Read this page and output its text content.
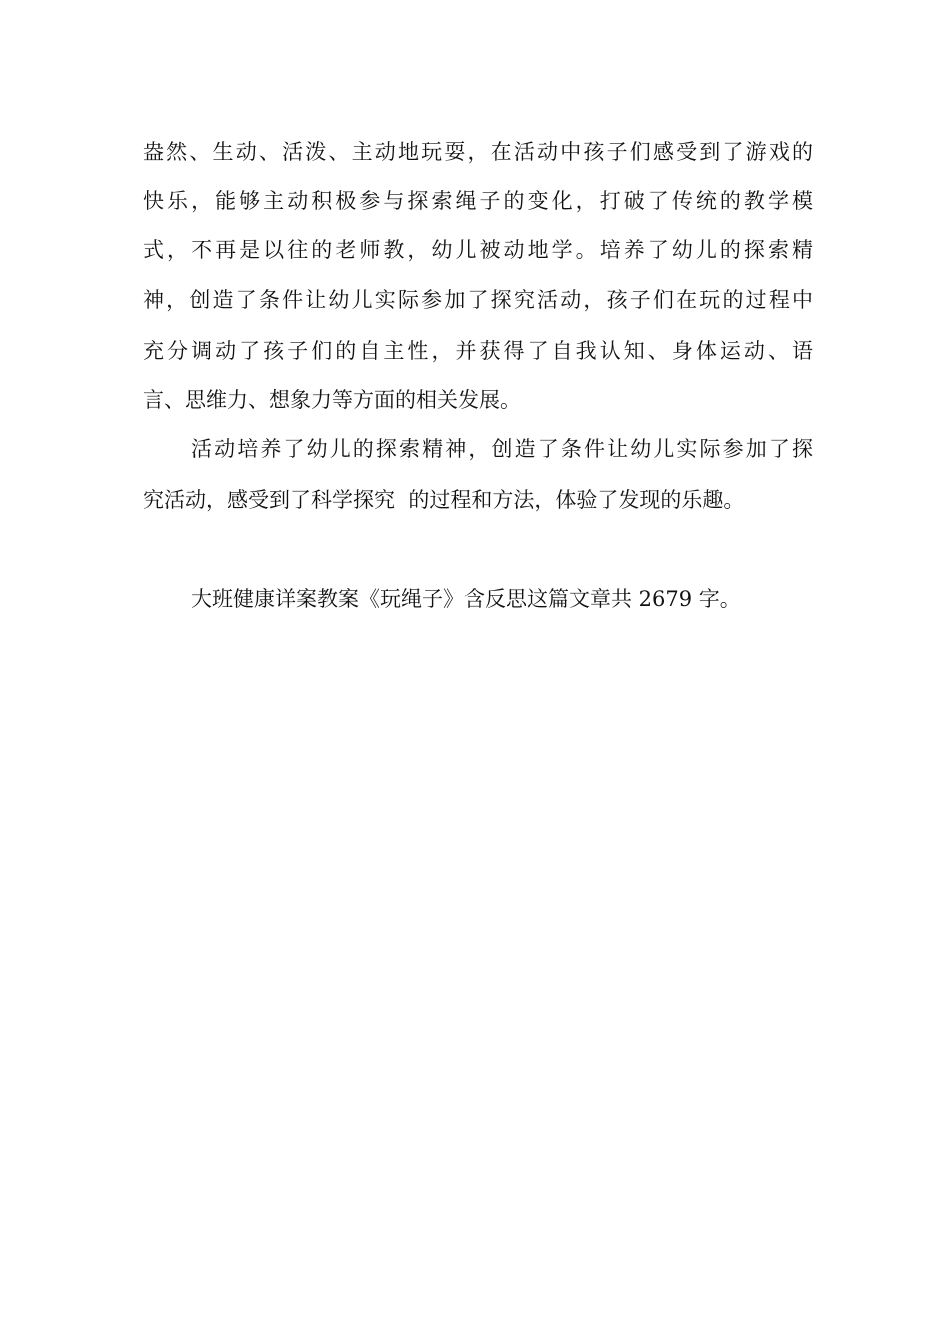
盎然、生动、活泼、主动地玩耍，在活动中孩子们感受到了游戏的
快乐，能够主动积极参与探索绳子的变化，打破了传统的教学模
式，不再是以往的老师教，幼儿被动地学。培养了幼儿的探索精
神，创造了条件让幼儿实际参加了探究活动，孩子们在玩的过程中
充分调动了孩子们的自主性，并获得了自我认知、身体运动、语
言、思维力、想象力等方面的相关发展。
活动培养了幼儿的探索精神，创造了条件让幼儿实际参加了探
究活动，感受到了科学探究  的过程和方法，体验了发现的乐趣。
大班健康详案教案《玩绳子》含反思这篇文章共 2679 字。
